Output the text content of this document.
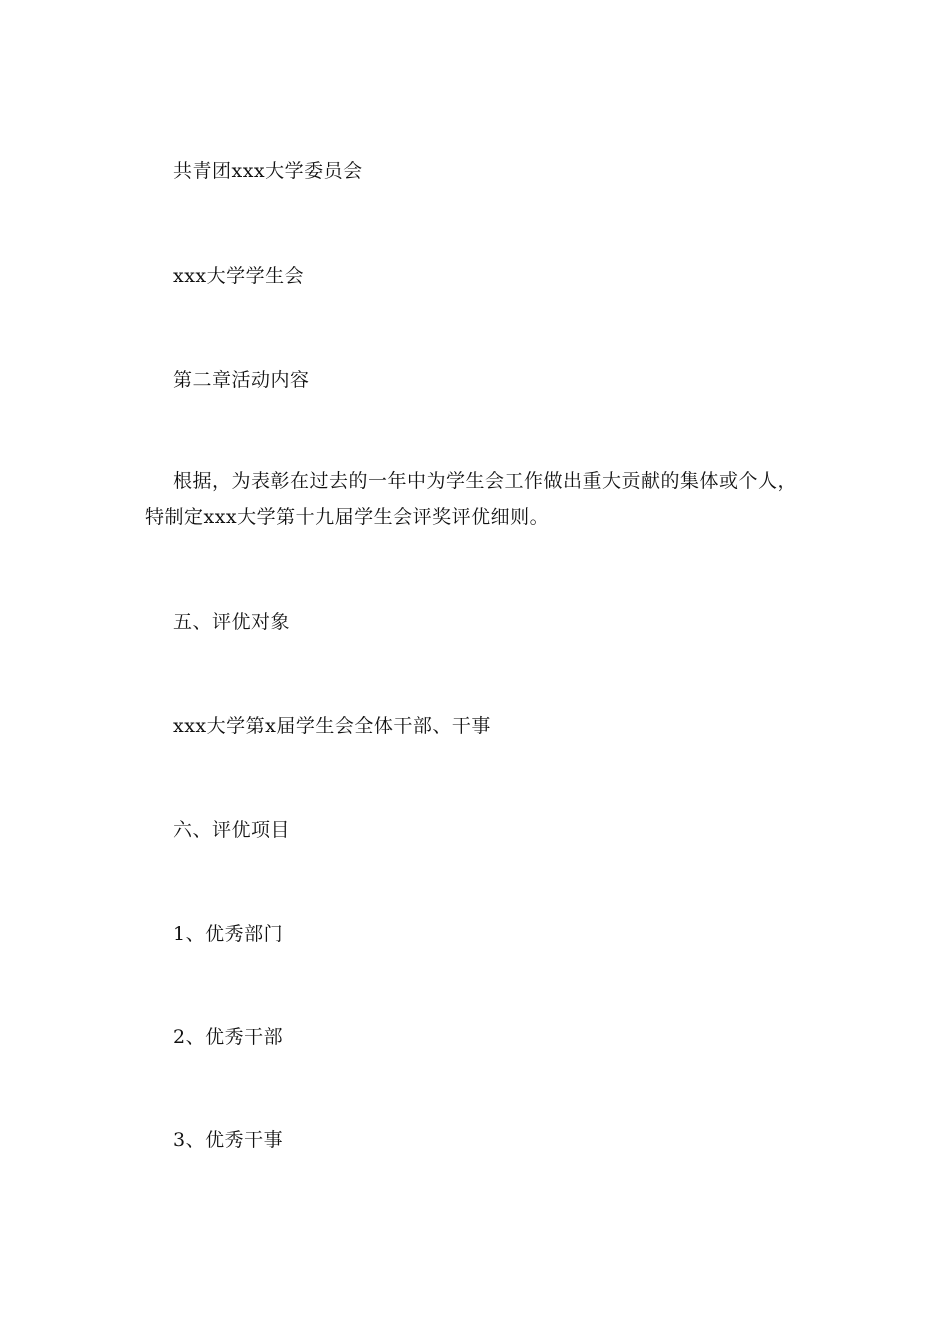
共青团xxx大学委员会
xxx大学学生会
第二章活动内容
根据，为表彰在过去的一年中为学生会工作做出重大贡献的集体或个人，特制定xxx大学第十九届学生会评奖评优细则。
五、评优对象
xxx大学第x届学生会全体干部、干事
六、评优项目
1、优秀部门
2、优秀干部
3、优秀干事
